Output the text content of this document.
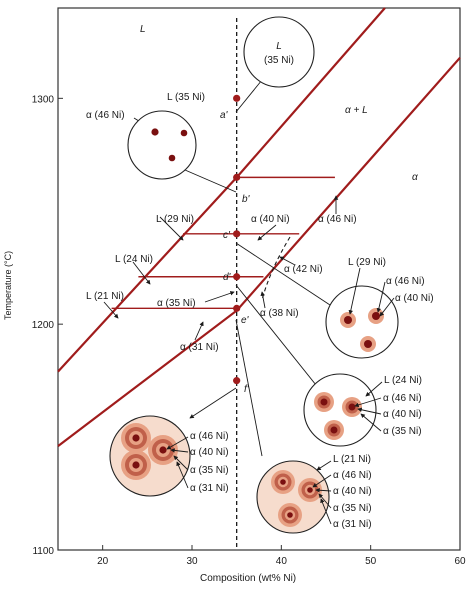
20	30	40	50	60
1300
1200
1100
Composition (wt% Ni)
Temperature (°C)
L
α + L
α
a'
b'
c'
d'
e'
f'
L (35 Ni)
α (46 Ni)
L (29 Ni)	α (40 Ni)	α (46 Ni)
L (24 Ni)
α (42 Ni)
L (21 Ni)
α (35 Ni)
α (38 Ni)
α (31 Ni)
L
(35 Ni)
L (29 Ni)
α (46 Ni)
α (40 Ni)
L (24 Ni)
α (46 Ni)
α (40 Ni)
α (35 Ni)
L (21 Ni)
α (46 Ni)
α (40 Ni)
α (35 Ni)
α (31 Ni)
α (46 Ni)
α (40 Ni)
α (35 Ni)
α (31 Ni)
